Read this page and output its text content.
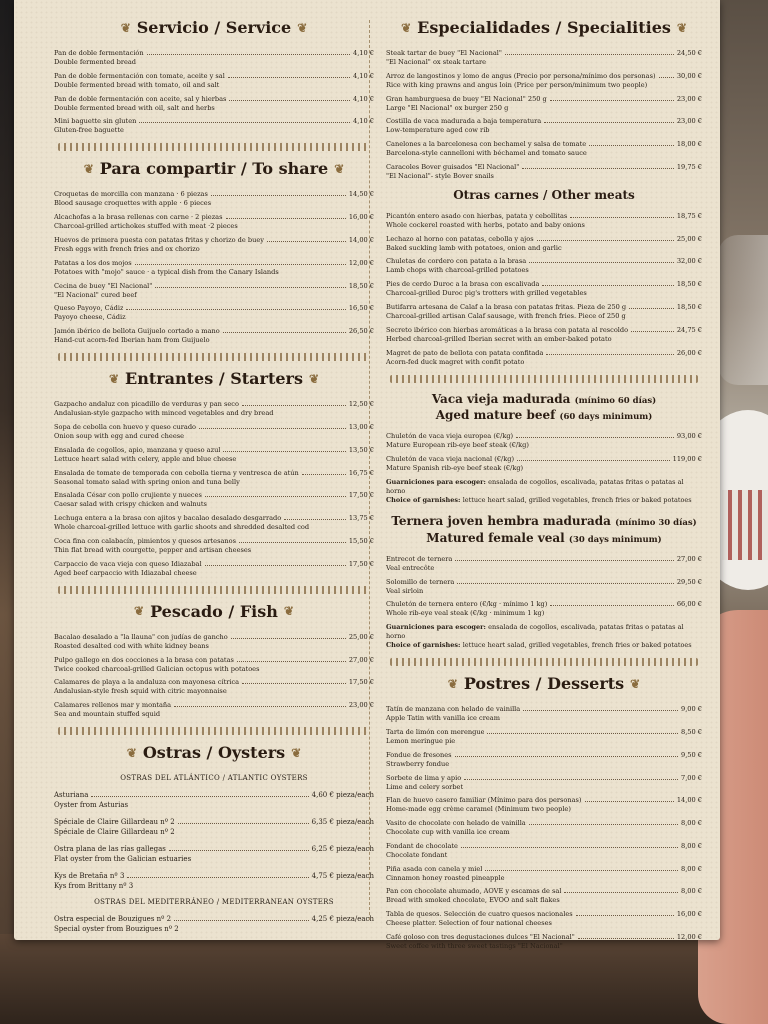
❦ Servicio / Service ❦
Pan de doble fermentación	4,10 €
Double fermented bread
Pan de doble fermentación con tomate, aceite y sal	4,10 €
Double fermented bread with tomato, oil and salt
Pan de doble fermentación con aceite, sal y hierbas	4,10 €
Double fermented bread with oil, salt and herbs
Mini baguette sin gluten	4,10 €
Gluten-free baguette
❦ Para compartir / To share ❦
Croquetas de morcilla con manzana · 6 piezas	14,50 €
Blood sausage croquettes with apple · 6 pieces
Alcachofas a la brasa rellenas con carne · 2 piezas	16,00 €
Charcoal-grilled artichokes stuffed with meat ·2 pieces
Huevos de primera puesta con patatas fritas y chorizo de buey	14,00 €
Fresh eggs with french fries and ox chorizo
Patatas a los dos mojos	12,00 €
Potatoes with "mojo" sauce · a typical dish from the Canary Islands
Cecina de buey "El Nacional"	18,50 €
"El Nacional" cured beef
Queso Payoyo, Cádiz	16,50 €
Payoyo cheese, Cádiz
Jamón ibérico de bellota Guijuelo cortado a mano	26,50 €
Hand-cut acorn-fed Iberian ham from Guijuelo
❦ Entrantes / Starters ❦
Gazpacho andaluz con picadillo de verduras y pan seco	12,50 €
Andalusian-style gazpacho with minced vegetables and dry bread
Sopa de cebolla con huevo y queso curado	13,00 €
Onion soup with egg and cured cheese
Ensalada de cogollos, apio, manzana y queso azul	13,50 €
Lettuce heart salad with celery, apple and blue cheese
Ensalada de tomate de temporada con cebolla tierna y ventresca de atún	16,75 €
Seasonal tomato salad with spring onion and tuna belly
Ensalada César con pollo crujiente y nueces	17,50 €
Caesar salad with crispy chicken and walnuts
Lechuga entera a la brasa con ajitos y bacalao desalado desgarrado	13,75 €
Whole charcoal-grilled lettuce with garlic shoots and shredded desalted cod
Coca fina con calabacín, pimientos y quesos artesanos	15,50 €
Thin flat bread with courgette, pepper and artisan cheeses
Carpaccio de vaca vieja con queso Idiazabal	17,50 €
Aged beef carpaccio with Idiazabal cheese
❦ Pescado / Fish ❦
Bacalao desalado a "la llauna" con judías de gancho	25,00 €
Roasted desalted cod with white kidney beans
Pulpo gallego en dos cocciones a la brasa con patatas	27,00 €
Twice cooked charcoal-grilled Galician octopus with potatoes
Calamares de playa a la andaluza con mayonesa cítrica	17,50 €
Andalusian-style fresh squid with citric mayonnaise
Calamares rellenos mar y montaña	23,00 €
Sea and mountain stuffed squid
❦ Ostras / Oysters ❦
OSTRAS DEL ATLÁNTICO / ATLANTIC OYSTERS
Asturiana	4,60 € pieza/each
Oyster from Asturias
Spéciale de Claire Gillardeau nº 2	6,35 € pieza/each
Spéciale de Claire Gillardeau nº 2
Ostra plana de las rías gallegas	6,25 € pieza/each
Flat oyster from the Galician estuaries
Kys de Bretaña nº 3	4,75 € pieza/each
Kys from Brittany nº 3
OSTRAS DEL MEDITERRÁNEO / MEDITERRANEAN OYSTERS
Ostra especial de Bouzigues nº 2	4,25 € pieza/each
Special oyster from Bouzigues nº 2
❦ Especialidades / Specialities ❦
Steak tartar de buey "El Nacional"	24,50 €
"El Nacional" ox steak tartare
Arroz de langostinos y lomo de angus (Precio por persona/mínimo dos personas)	30,00 €
Rice with king prawns and angus loin (Price per person/minimum two people)
Gran hamburguesa de buey "El Nacional" 250 g	23,00 €
Large "El Nacional" ox burger 250 g
Costilla de vaca madurada a baja temperatura	23,00 €
Low-temperature aged cow rib
Canelones a la barcelonesa con bechamel y salsa de tomate	18,00 €
Barcelona-style cannelloni with béchamel and tomato sauce
Caracoles Bover guisados "El Nacional"	19,75 €
"El Nacional"- style Bover snails
Otras carnes / Other meats
Picantón entero asado con hierbas, patata y cebollitas	18,75 €
Whole cockerel roasted with herbs, potato and baby onions
Lechazo al horno con patatas, cebolla y ajos	25,00 €
Baked suckling lamb with potatoes, onion and garlic
Chuletas de cordero con patata a la brasa	32,00 €
Lamb chops with charcoal-grilled potatoes
Pies de cerdo Duroc a la brasa con escalivada	18,50 €
Charcoal-grilled Duroc pig's trotters with grilled vegetables
Butifarra artesana de Calaf a la brasa con patatas fritas. Pieza de 250 g	18,50 €
Charcoal-grilled artisan Calaf sausage, with french fries. Piece of 250 g
Secreto ibérico con hierbas aromáticas a la brasa con patata al rescoldo	24,75 €
Herbed charcoal-grilled Iberian secret with an ember-baked potato
Magret de pato de bellota con patata confitada	26,00 €
Acorn-fed duck magret with confit potato
Vaca vieja madurada (mínimo 60 días)
Aged mature beef (60 days minimum)
Chuletón de vaca vieja europea (€/kg)	93,00 €
Mature European rib-eye beef steak (€/kg)
Chuletón de vaca vieja nacional (€/kg)	119,00 €
Mature Spanish rib-eye beef steak (€/kg)
Guarniciones para escoger: ensalada de cogollos, escalivada, patatas fritas o patatas al horno
Choice of garnishes: lettuce heart salad, grilled vegetables, french fries or baked potatoes
Ternera joven hembra madurada (mínimo 30 días)
Matured female veal (30 days minimum)
Entrecot de ternera	27,00 €
Veal entrecôte
Solomillo de ternera	29,50 €
Veal sirloin
Chuletón de ternera entero (€/kg · mínimo 1 kg)	66,00 €
Whole rib-eye veal steak (€/kg · minimum 1 kg)
Guarniciones para escoger: ensalada de cogollos, escalivada, patatas fritas o patatas al horno
Choice of garnishes: lettuce heart salad, grilled vegetables, french fries or baked potatoes
❦ Postres / Desserts ❦
Tatín de manzana con helado de vainilla	9,00 €
Apple Tatin with vanilla ice cream
Tarta de limón con merengue	8,50 €
Lemon meringue pie
Fondue de fresones	9,50 €
Strawberry fondue
Sorbete de lima y apio	7,00 €
Lime and celery sorbet
Flan de huevo casero familiar (Mínimo para dos personas)	14,00 €
Home-made egg crème caramel (Minimum two people)
Vasito de chocolate con helado de vainilla	8,00 €
Chocolate cup with vanilla ice cream
Fondant de chocolate	8,00 €
Chocolate fondant
Piña asada con canela y miel	8,00 €
Cinnamon honey roasted pineapple
Pan con chocolate ahumado, AOVE y escamas de sal	8,00 €
Bread with smoked chocolate, EVOO and salt flakes
Tabla de quesos. Selección de cuatro quesos nacionales	16,00 €
Cheese platter. Selection of four national cheeses
Café goloso con tres degustaciones dulces "El Nacional"	12,00 €
Sweet coffee with three sweet tastings "El Nacional"
